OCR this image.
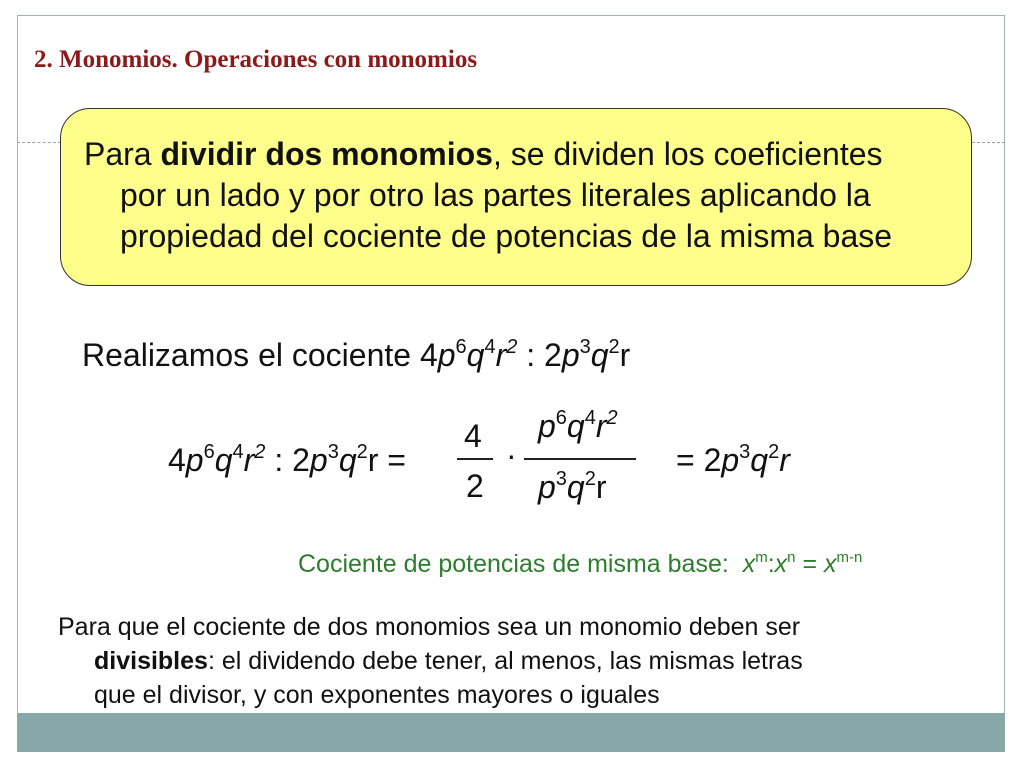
2. Monomios. Operaciones con monomios
Para dividir dos monomios, se dividen los coeficientes
por un lado y por otro las partes literales aplicando la
propiedad del cociente de potencias de la misma base
Realizamos el cociente $4p^6q^4r^2$ : $2p^3q^2r$
$4p^6q^4r^2$ : $2p^3q^2r$ =
4
2
·
$p^6q^4r^2$
$p^3q^2r$
= $2p^3q^2r$
Cociente de potencias de misma base: $x^m:x^n = x^{m-n}$
Para que el cociente de dos monomios sea un monomio deben ser
divisibles: el dividendo debe tener, al menos, las mismas letras
que el divisor, y con exponentes mayores o iguales
